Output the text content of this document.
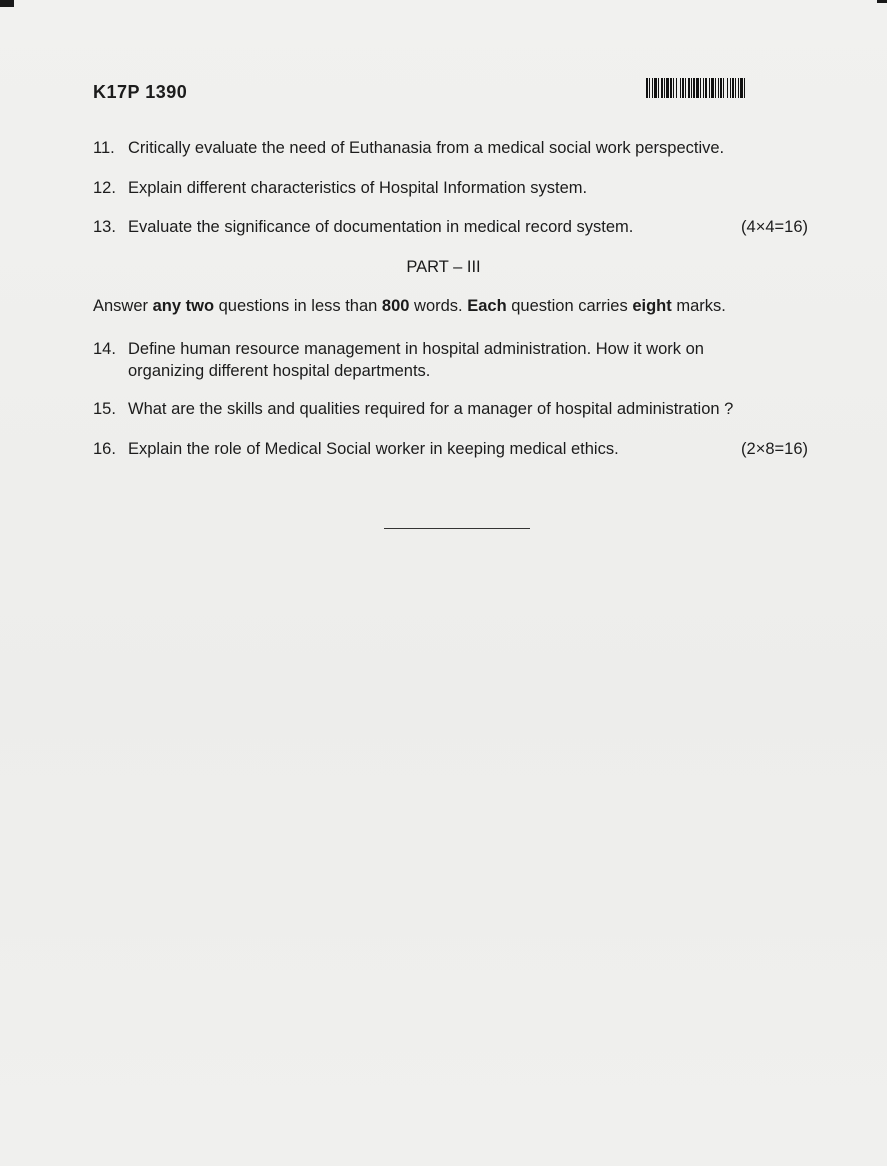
K17P 1390
11. Critically evaluate the need of Euthanasia from a medical social work perspective.
12. Explain different characteristics of Hospital Information system.
13. Evaluate the significance of documentation in medical record system.	(4×4=16)
PART – III
Answer any two questions in less than 800 words. Each question carries eight marks.
14. Define human resource management in hospital administration. How it work on organizing different hospital departments.
15. What are the skills and qualities required for a manager of hospital administration ?
16. Explain the role of Medical Social worker in keeping medical ethics.	(2×8=16)
